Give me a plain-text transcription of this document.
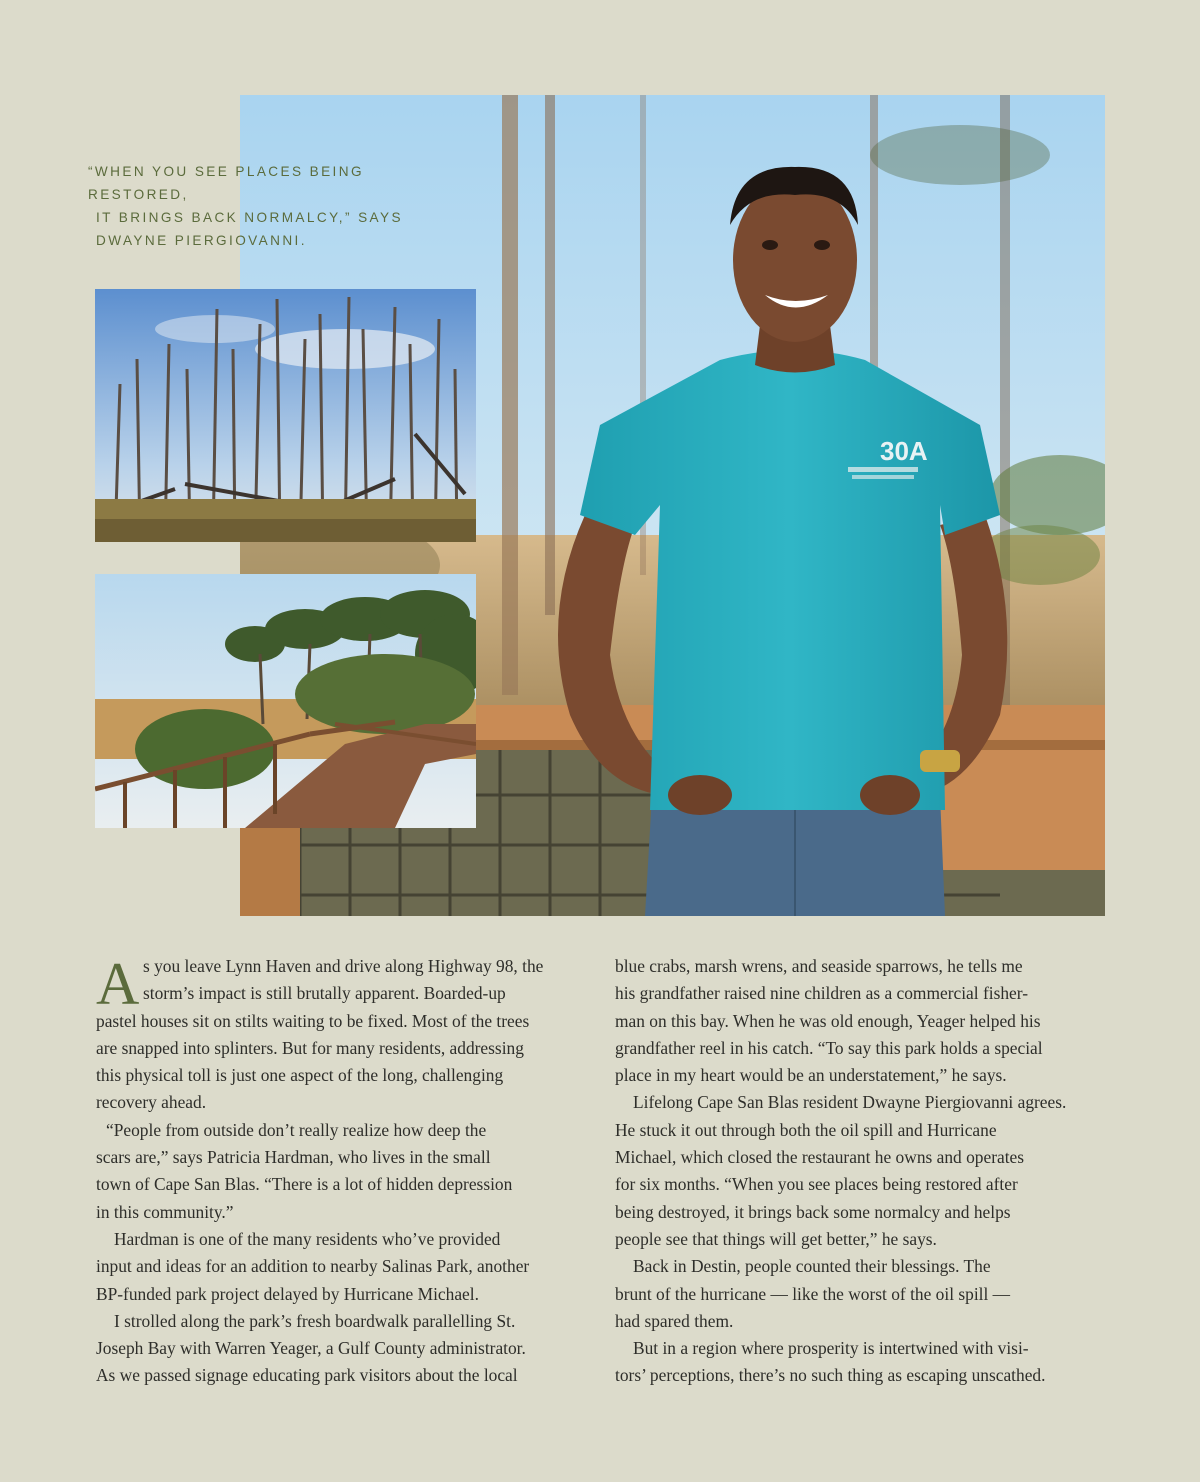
30A

“WHEN YOU SEE PLACES BEING RESTORED,
IT BRINGS BACK NORMALCY,” SAYS
DWAYNE PIERGIOVANNI.

A s you leave Lynn Haven and drive along Highway 98, the
storm’s impact is still brutally apparent. Boarded-up
pastel houses sit on stilts waiting to be fixed. Most of the trees
are snapped into splinters. But for many residents, addressing
this physical toll is just one aspect of the long, challenging
recovery ahead.
“People from outside don’t really realize how deep the
scars are,” says Patricia Hardman, who lives in the small
town of Cape San Blas. “There is a lot of hidden depression
in this community.”
Hardman is one of the many residents who’ve provided
input and ideas for an addition to nearby Salinas Park, another
BP-funded park project delayed by Hurricane Michael.
I strolled along the park’s fresh boardwalk parallelling St.
Joseph Bay with Warren Yeager, a Gulf County administrator.
As we passed signage educating park visitors about the local
blue crabs, marsh wrens, and seaside sparrows, he tells me
his grandfather raised nine children as a commercial fisher-
man on this bay. When he was old enough, Yeager helped his
grandfather reel in his catch. “To say this park holds a special
place in my heart would be an understatement,” he says.
Lifelong Cape San Blas resident Dwayne Piergiovanni agrees.
He stuck it out through both the oil spill and Hurricane
Michael, which closed the restaurant he owns and operates
for six months. “When you see places being restored after
being destroyed, it brings back some normalcy and helps
people see that things will get better,” he says.
Back in Destin, people counted their blessings. The
brunt of the hurricane — like the worst of the oil spill —
had spared them.
But in a region where prosperity is intertwined with visi-
tors’ perceptions, there’s no such thing as escaping unscathed.
